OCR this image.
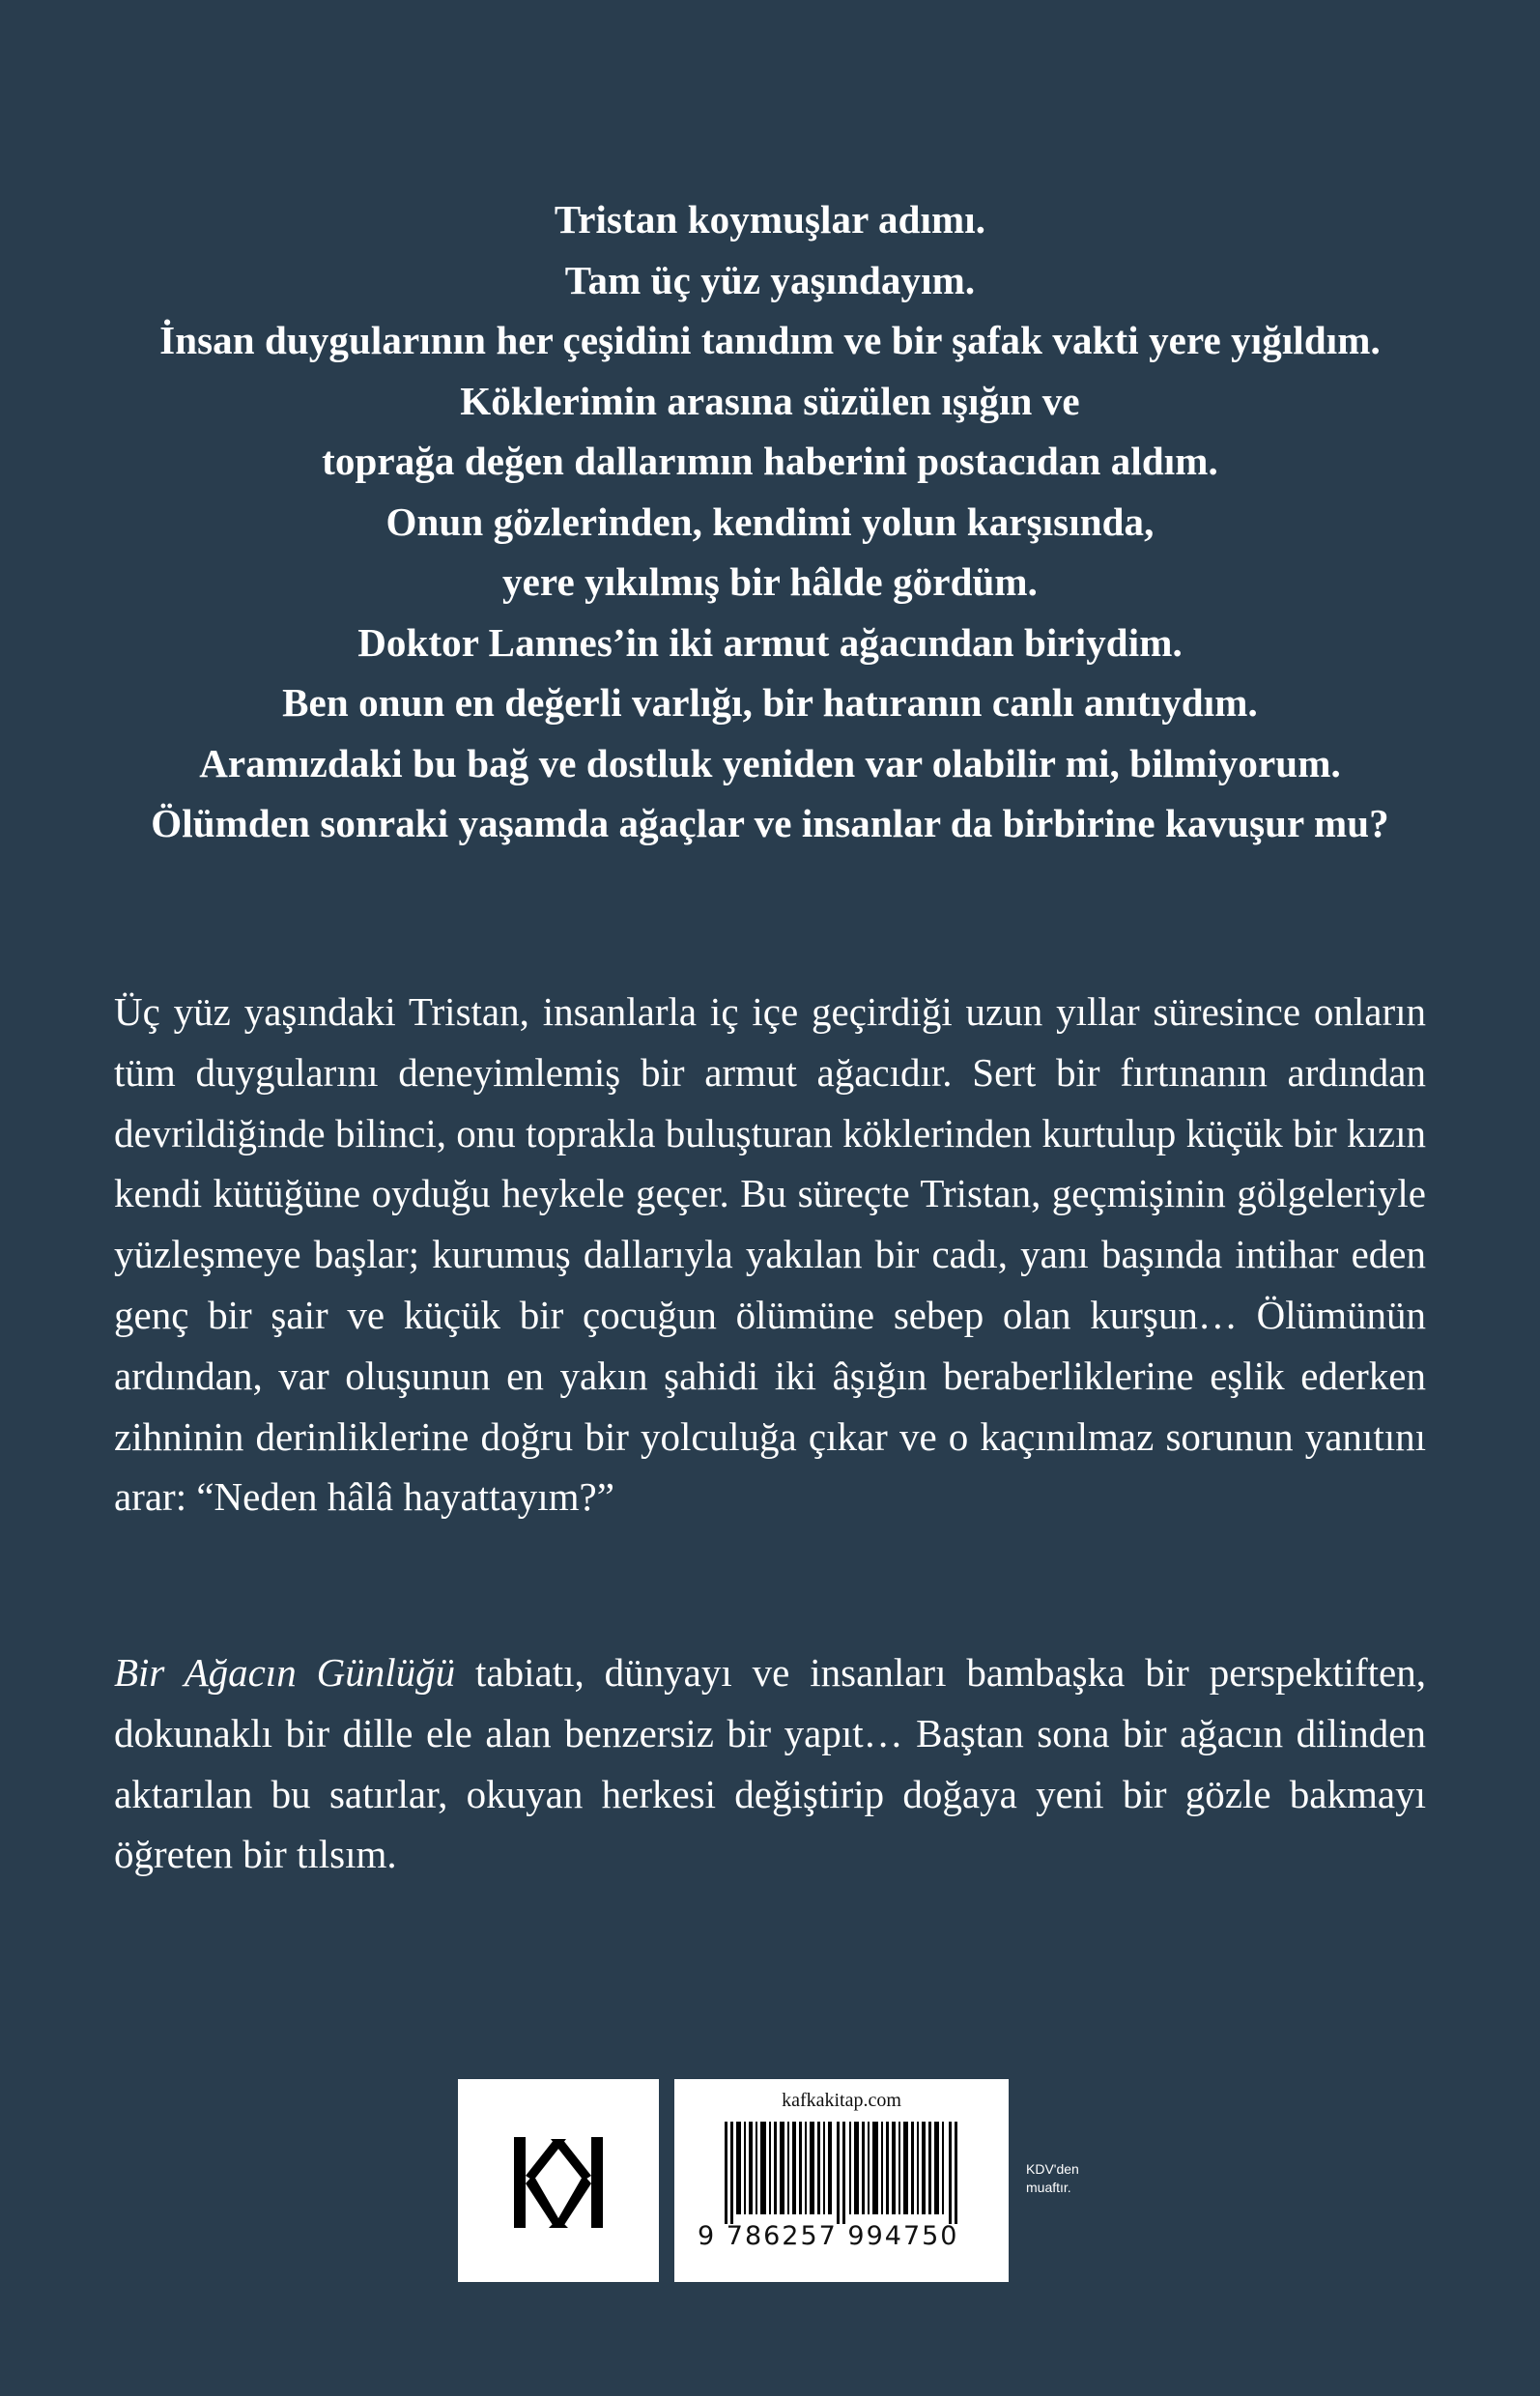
Tristan koymuşlar adımı.
Tam üç yüz yaşındayım.
İnsan duygularının her çeşidini tanıdım ve bir şafak vakti yere yığıldım.
Köklerimin arasına süzülen ışığın ve
toprağa değen dallarımın haberini postacıdan aldım.
Onun gözlerinden, kendimi yolun karşısında,
yere yıkılmış bir hâlde gördüm.
Doktor Lannes’in iki armut ağacından biriydim.
Ben onun en değerli varlığı, bir hatıranın canlı anıtıydım.
Aramızdaki bu bağ ve dostluk yeniden var olabilir mi, bilmiyorum.
Ölümden sonraki yaşamda ağaçlar ve insanlar da birbirine kavuşur mu?

Üç yüz yaşındaki Tristan, insanlarla iç içe geçirdiği uzun yıllar süresince onların tüm duygularını deneyimlemiş bir armut ağacıdır. Sert bir fırtınanın ardından devrildiğinde bilinci, onu toprakla buluşturan köklerinden kurtulup küçük bir kızın kendi kütüğüne oyduğu heykele geçer. Bu süreçte Tristan, geçmişinin gölgeleriyle yüzleşmeye başlar; kurumuş dallarıyla yakılan bir cadı, yanı başında intihar eden genç bir şair ve küçük bir çocuğun ölümüne sebep olan kurşun… Ölümünün ardından, var oluşunun en yakın şahidi iki âşığın beraberliklerine eşlik ederken zihninin derinliklerine doğru bir yolculuğa çıkar ve o kaçınılmaz sorunun yanıtını arar: “Neden hâlâ hayattayım?”

Bir Ağacın Günlüğü tabiatı, dünyayı ve insanları bambaşka bir perspektiften, dokunaklı bir dille ele alan benzersiz bir yapıt… Baştan sona bir ağacın dilinden aktarılan bu satırlar, okuyan herkesi değiştirip doğaya yeni bir gözle bakmayı öğreten bir tılsım.

kafkakitap.com
9 786257 994750
KDV'den
muaftır.
